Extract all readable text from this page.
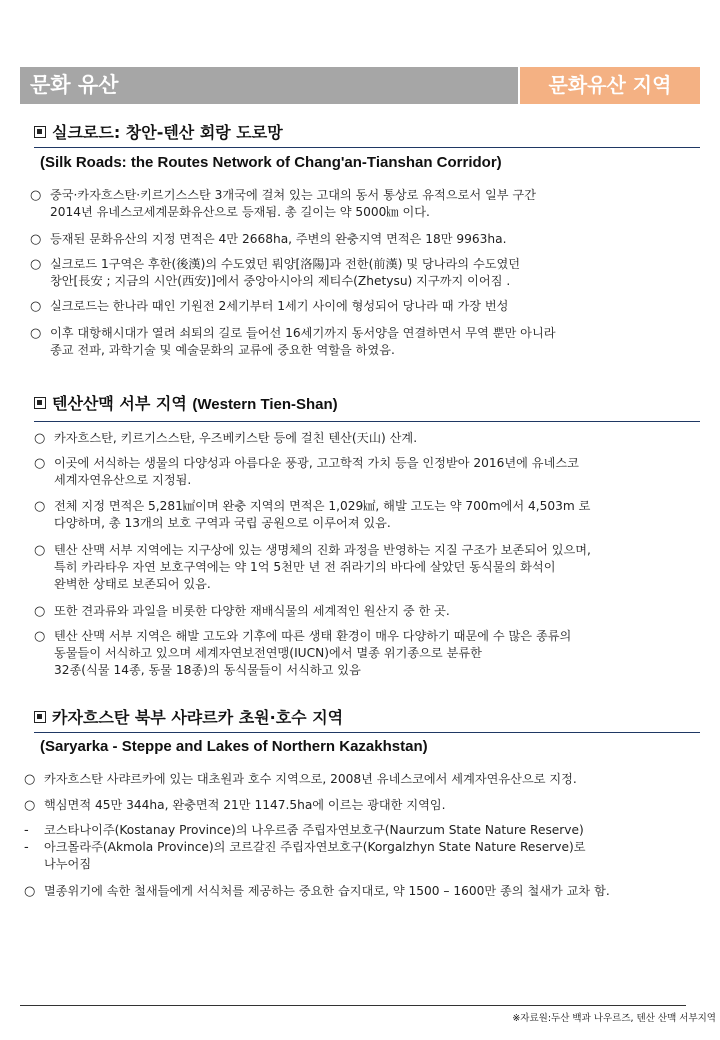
문화 유산	문화유산 지역
실크로드: 창안-텐산 회랑 도로망
(Silk Roads: the Routes Network of Chang'an-Tianshan Corridor)
○ 중국·카자흐스탄·키르기스스탄 3개국에 걸쳐 있는 고대의 동서 통상로 유적으로서 일부 구간
2014년 유네스코세계문화유산으로 등재됨. 총 길이는 약 5000㎞ 이다.
○ 등재된 문화유산의 지정 면적은 4만 2668ha, 주변의 완충지역 면적은 18만 9963ha.
○ 실크로드 1구역은 후한(後漢)의 수도였던 뤄양[洛陽]과 전한(前漢) 및 당나라의 수도였던
창안[長安 ; 지금의 시안(西安)]에서 중앙아시아의 제티수(Zhetysu) 지구까지 이어짐 .
○ 실크로드는 한나라 때인 기원전 2세기부터 1세기 사이에 형성되어 당나라 때 가장 번성
○ 이후 대항해시대가 열려 쇠퇴의 길로 들어선 16세기까지 동서양을 연결하면서 무역 뿐만 아니라
종교 전파, 과학기술 및 예술문화의 교류에 중요한 역할을 하였음.
텐산산맥 서부 지역 (Western Tien-Shan)
○ 카자흐스탄, 키르기스스탄, 우즈베키스탄 등에 걸친 텐산(天山) 산계.
○ 이곳에 서식하는 생물의 다양성과 아름다운 풍광, 고고학적 가치 등을 인정받아 2016년에 유네스코
세계자연유산으로 지정됨.
○ 전체 지정 면적은 5,281㎢이며 완충 지역의 면적은 1,029㎢, 해발 고도는 약 700m에서 4,503m 로
다양하며, 총 13개의 보호 구역과 국립 공원으로 이루어져 있음.
○ 텐산 산맥 서부 지역에는 지구상에 있는 생명체의 진화 과정을 반영하는 지질 구조가 보존되어 있으며,
특히 카라타우 자연 보호구역에는 약 1억 5천만 년 전 쥐라기의 바다에 살았던 동식물의 화석이
완벽한 상태로 보존되어 있음.
○ 또한 견과류와 과일을 비롯한 다양한 재배식물의 세계적인 원산지 중 한 곳.
○ 텐산 산맥 서부 지역은 해발 고도와 기후에 따른 생태 환경이 매우 다양하기 때문에 수 많은 종류의
동물들이 서식하고 있으며 세계자연보전연맹(IUCN)에서 멸종 위기종으로 분류한
32종(식물 14종, 동물 18종)의 동식물들이 서식하고 있음
카자흐스탄 북부 사랴르카 초원·호수 지역
(Saryarka - Steppe and Lakes of Northern Kazakhstan)
○ 카자흐스탄 사랴르카에 있는 대초원과 호수 지역으로, 2008년 유네스코에서 세계자연유산으로 지정.
○ 핵심면적 45만 344ha, 완충면적 21만 1147.5ha에 이르는 광대한 지역임.
- 코스타나이주(Kostanay Province)의 나우르줌 주립자연보호구(Naurzum State Nature Reserve)
- 아크몰라주(Akmola Province)의 코르갈진 주립자연보호구(Korgalzhyn State Nature Reserve)로
나누어짐
○ 멸종위기에 속한 철새들에게 서식처를 제공하는 중요한 습지대로, 약 1500 – 1600만 종의 철새가 교차 함.
※자료원:두산 백과 나우르즈, 텐산 산맥 서부지역
